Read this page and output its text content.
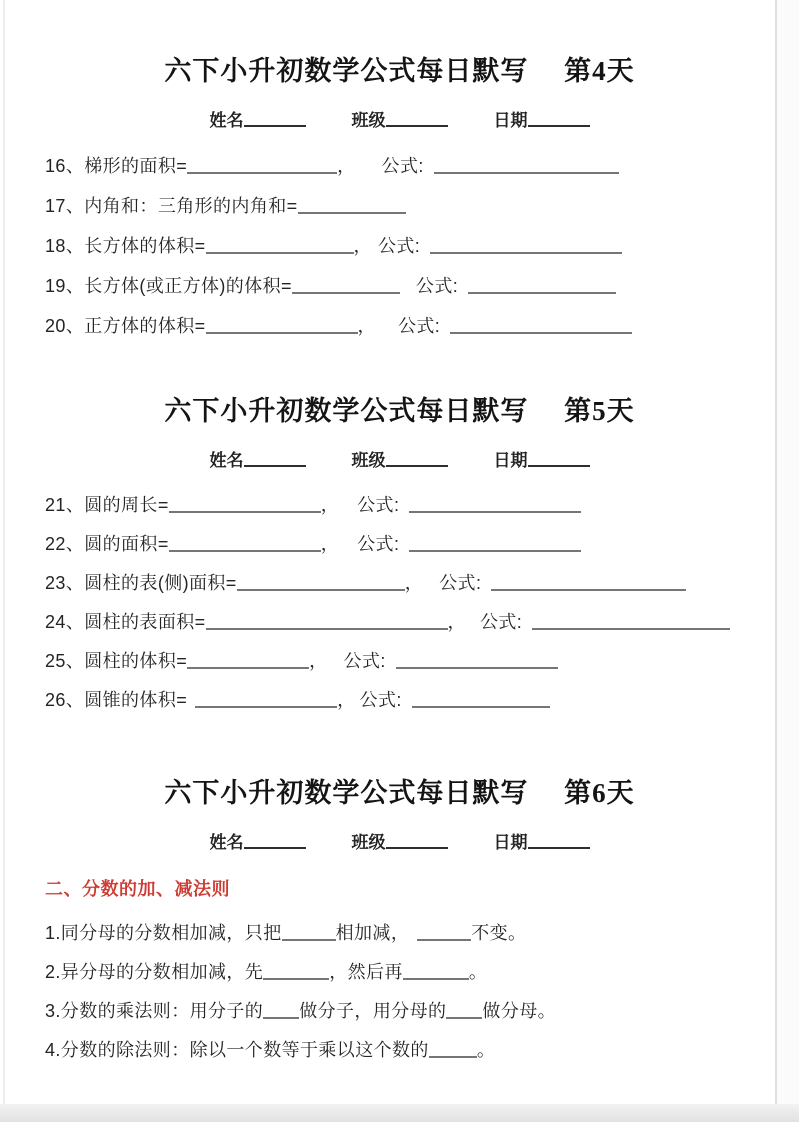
六下小升初数学公式每日默写　 第4天
姓名	班级	日期
16、梯形的面积=	， 公式:
17、内角和：三角形的内角和=
18、长方体的体积=	， 公式:
19、长方体(或正方体)的体积=	公式:
20、正方体的体积=	， 公式:
六下小升初数学公式每日默写　 第5天
姓名	班级	日期
21、圆的周长=	， 公式:
22、圆的面积=	， 公式:
23、圆柱的表(侧)面积=	， 公式:
24、圆柱的表面积=	， 公式:
25、圆柱的体积=	， 公式:
26、圆锥的体积=	， 公式:
六下小升初数学公式每日默写　 第6天
姓名	班级	日期
二、分数的加、减法则
1.同分母的分数相加减，只把	相加减，	不变。
2.异分母的分数相加减，先	，然后再	。
3.分数的乘法则：用分子的 做分子，用分母的 做分母。
4.分数的除法则：除以一个数等于乘以这个数的	。
